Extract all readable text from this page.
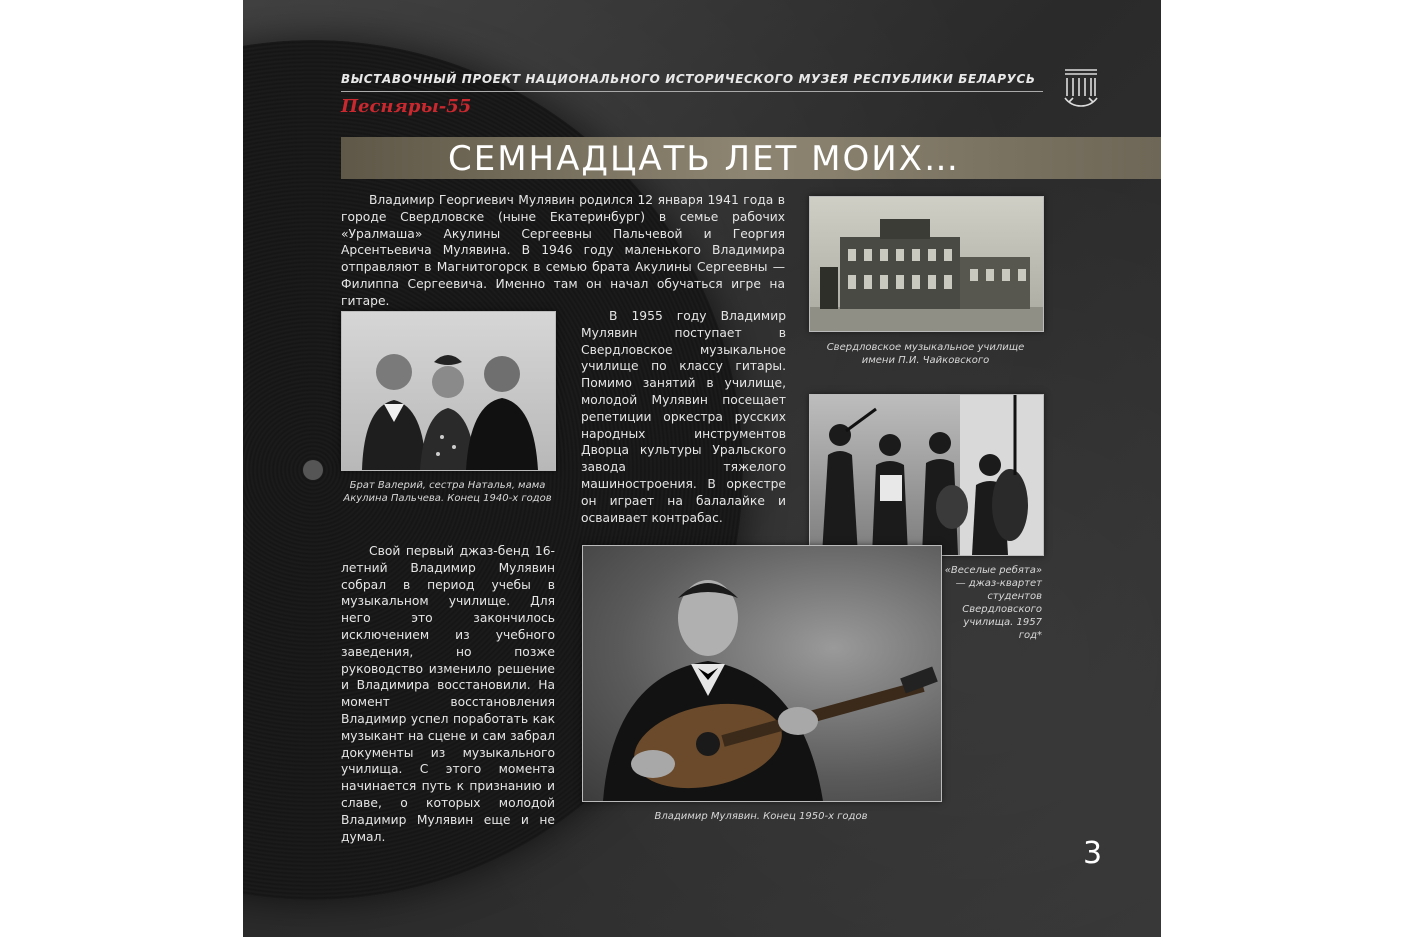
ВЫСТАВОЧНЫЙ ПРОЕКТ НАЦИОНАЛЬНОГО ИСТОРИЧЕСКОГО МУЗЕЯ РЕСПУБЛИКИ БЕЛАРУСЬ
Песняры-55
СЕМНАДЦАТЬ ЛЕТ МОИХ…
Владимир Георгиевич Мулявин родился 12 января 1941 года в городе Свердловске (ныне Екатеринбург) в семье рабочих «Уралмаша» Акулины Сергеевны Пальчевой и Георгия Арсентьевича Мулявина. В 1946 году маленького Владимира отправляют в Магнитогорск в семью брата Акулины Сергеевны — Филиппа Сергеевича. Именно там он начал обучаться игре на гитаре.
Брат Валерий, сестра Наталья, мама Акулина Пальчева. Конец 1940-х годов
В 1955 году Владимир Мулявин поступает в Свердловское музыкальное училище по классу гитары. Помимо занятий в училище, молодой Мулявин посещает репетиции оркестра русских народных инструментов Дворца культуры Уральского завода тяжелого машиностроения. В оркестре он играет на балалайке и осваивает контрабас.
Свердловское музыкальное училище имени П.И. Чайковского
«Веселые ребята» — джаз-квартет студентов Свердловского училища. 1957 год*
Свой первый джаз-бенд 16-летний Владимир Мулявин собрал в период учебы в музыкальном училище. Для него это закончилось исключением из учебного заведения, но позже руководство изменило решение и Владимира восстановили. На момент восстановления Владимир успел поработать как музыкант на сцене и сам забрал документы из музыкального училища. С этого момента начинается путь к признанию и славе, о которых молодой Владимир Мулявин еще и не думал.
Владимир Мулявин. Конец 1950-х годов
3
